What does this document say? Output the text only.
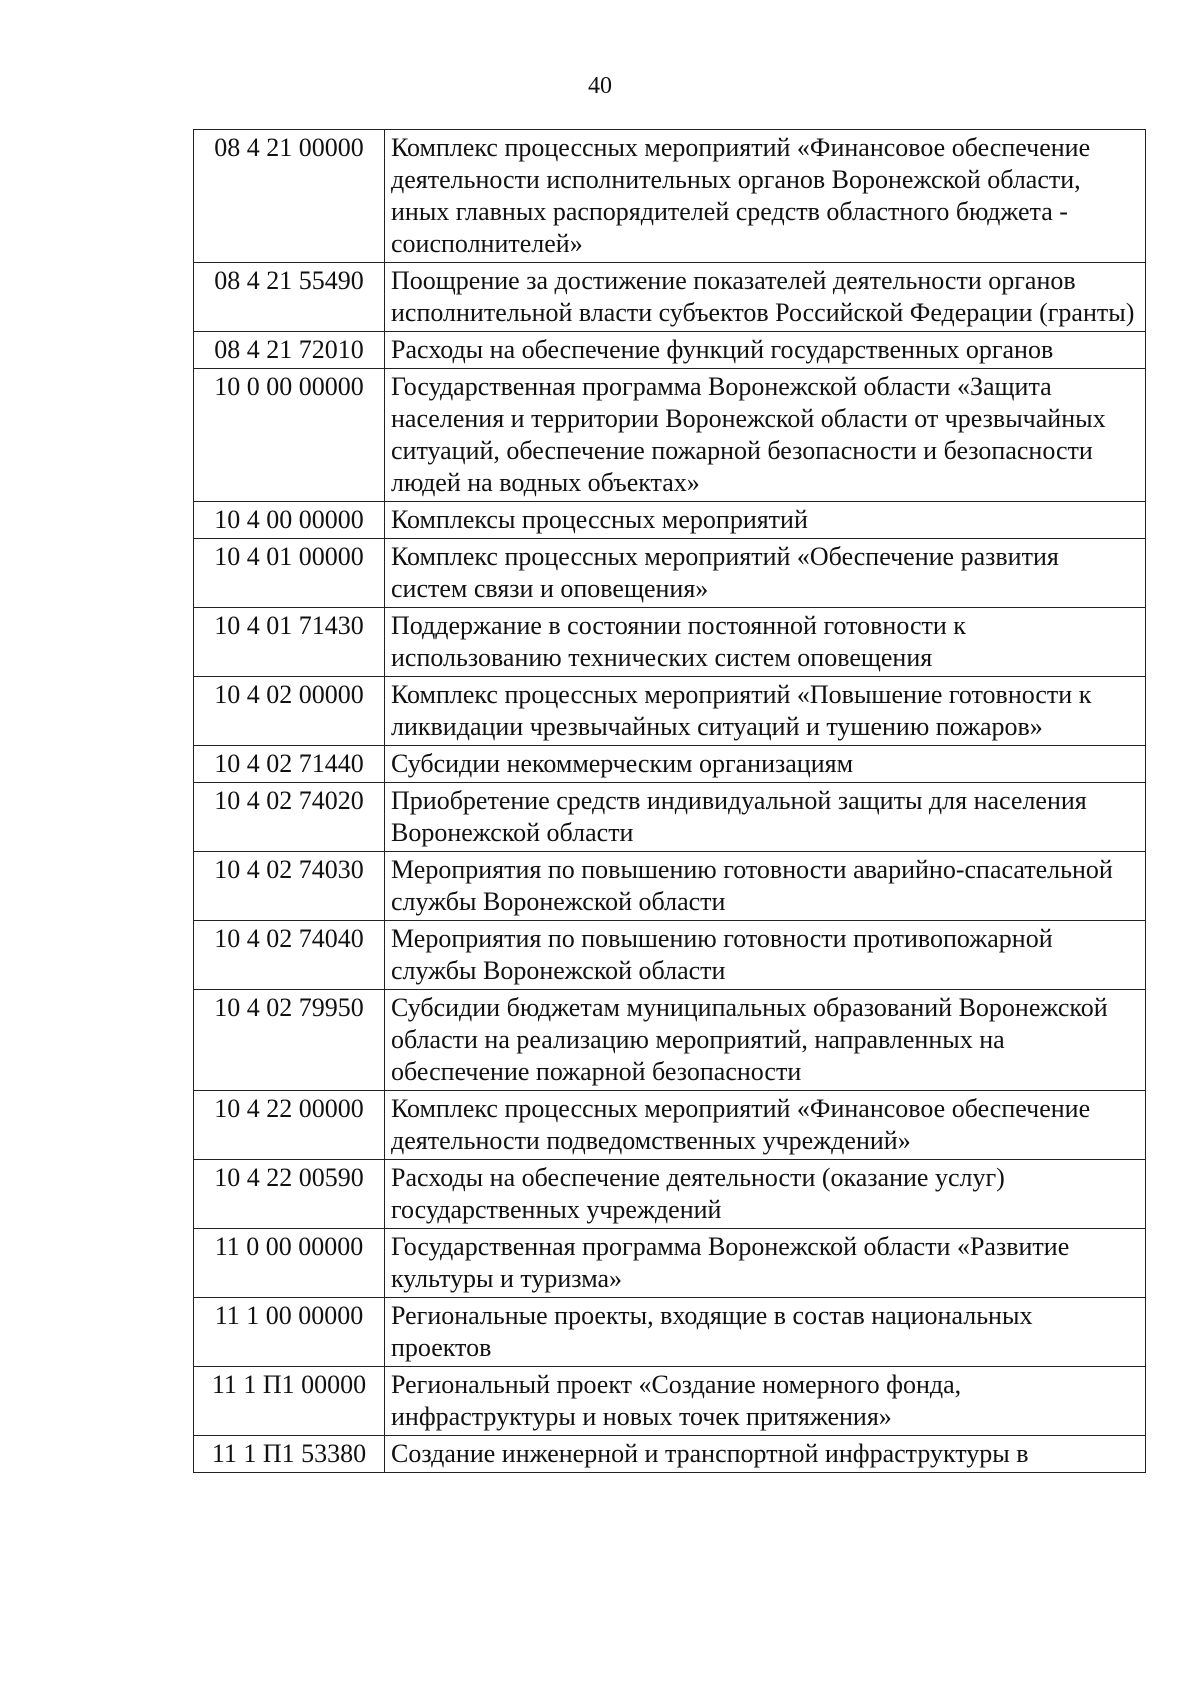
40
08 4 21 00000	Комплекс процессных мероприятий «Финансовое обеспечение деятельности исполнительных органов Воронежской области, иных главных распорядителей средств областного бюджета - соисполнителей»
08 4 21 55490	Поощрение за достижение показателей деятельности органов исполнительной власти субъектов Российской Федерации (гранты)
08 4 21 72010	Расходы на обеспечение функций государственных органов
10 0 00 00000	Государственная программа Воронежской области «Защита населения и территории Воронежской области от чрезвычайных ситуаций, обеспечение пожарной безопасности и безопасности людей на водных объектах»
10 4 00 00000	Комплексы процессных мероприятий
10 4 01 00000	Комплекс процессных мероприятий «Обеспечение развития систем связи и оповещения»
10 4 01 71430	Поддержание в состоянии постоянной готовности к использованию технических систем оповещения
10 4 02 00000	Комплекс процессных мероприятий «Повышение готовности к ликвидации чрезвычайных ситуаций и тушению пожаров»
10 4 02 71440	Субсидии некоммерческим организациям
10 4 02 74020	Приобретение средств индивидуальной защиты для населения Воронежской области
10 4 02 74030	Мероприятия по повышению готовности аварийно-спасательной службы Воронежской области
10 4 02 74040	Мероприятия по повышению готовности противопожарной службы Воронежской области
10 4 02 79950	Субсидии бюджетам муниципальных образований Воронежской области на реализацию мероприятий, направленных на обеспечение пожарной безопасности
10 4 22 00000	Комплекс процессных мероприятий «Финансовое обеспечение деятельности подведомственных учреждений»
10 4 22 00590	Расходы на обеспечение деятельности (оказание услуг) государственных учреждений
11 0 00 00000	Государственная программа Воронежской области «Развитие культуры и туризма»
11 1 00 00000	Региональные проекты, входящие в состав национальных проектов
11 1 П1 00000	Региональный проект «Создание номерного фонда, инфраструктуры и новых точек притяжения»
11 1 П1 53380	Создание инженерной и транспортной инфраструктуры в
